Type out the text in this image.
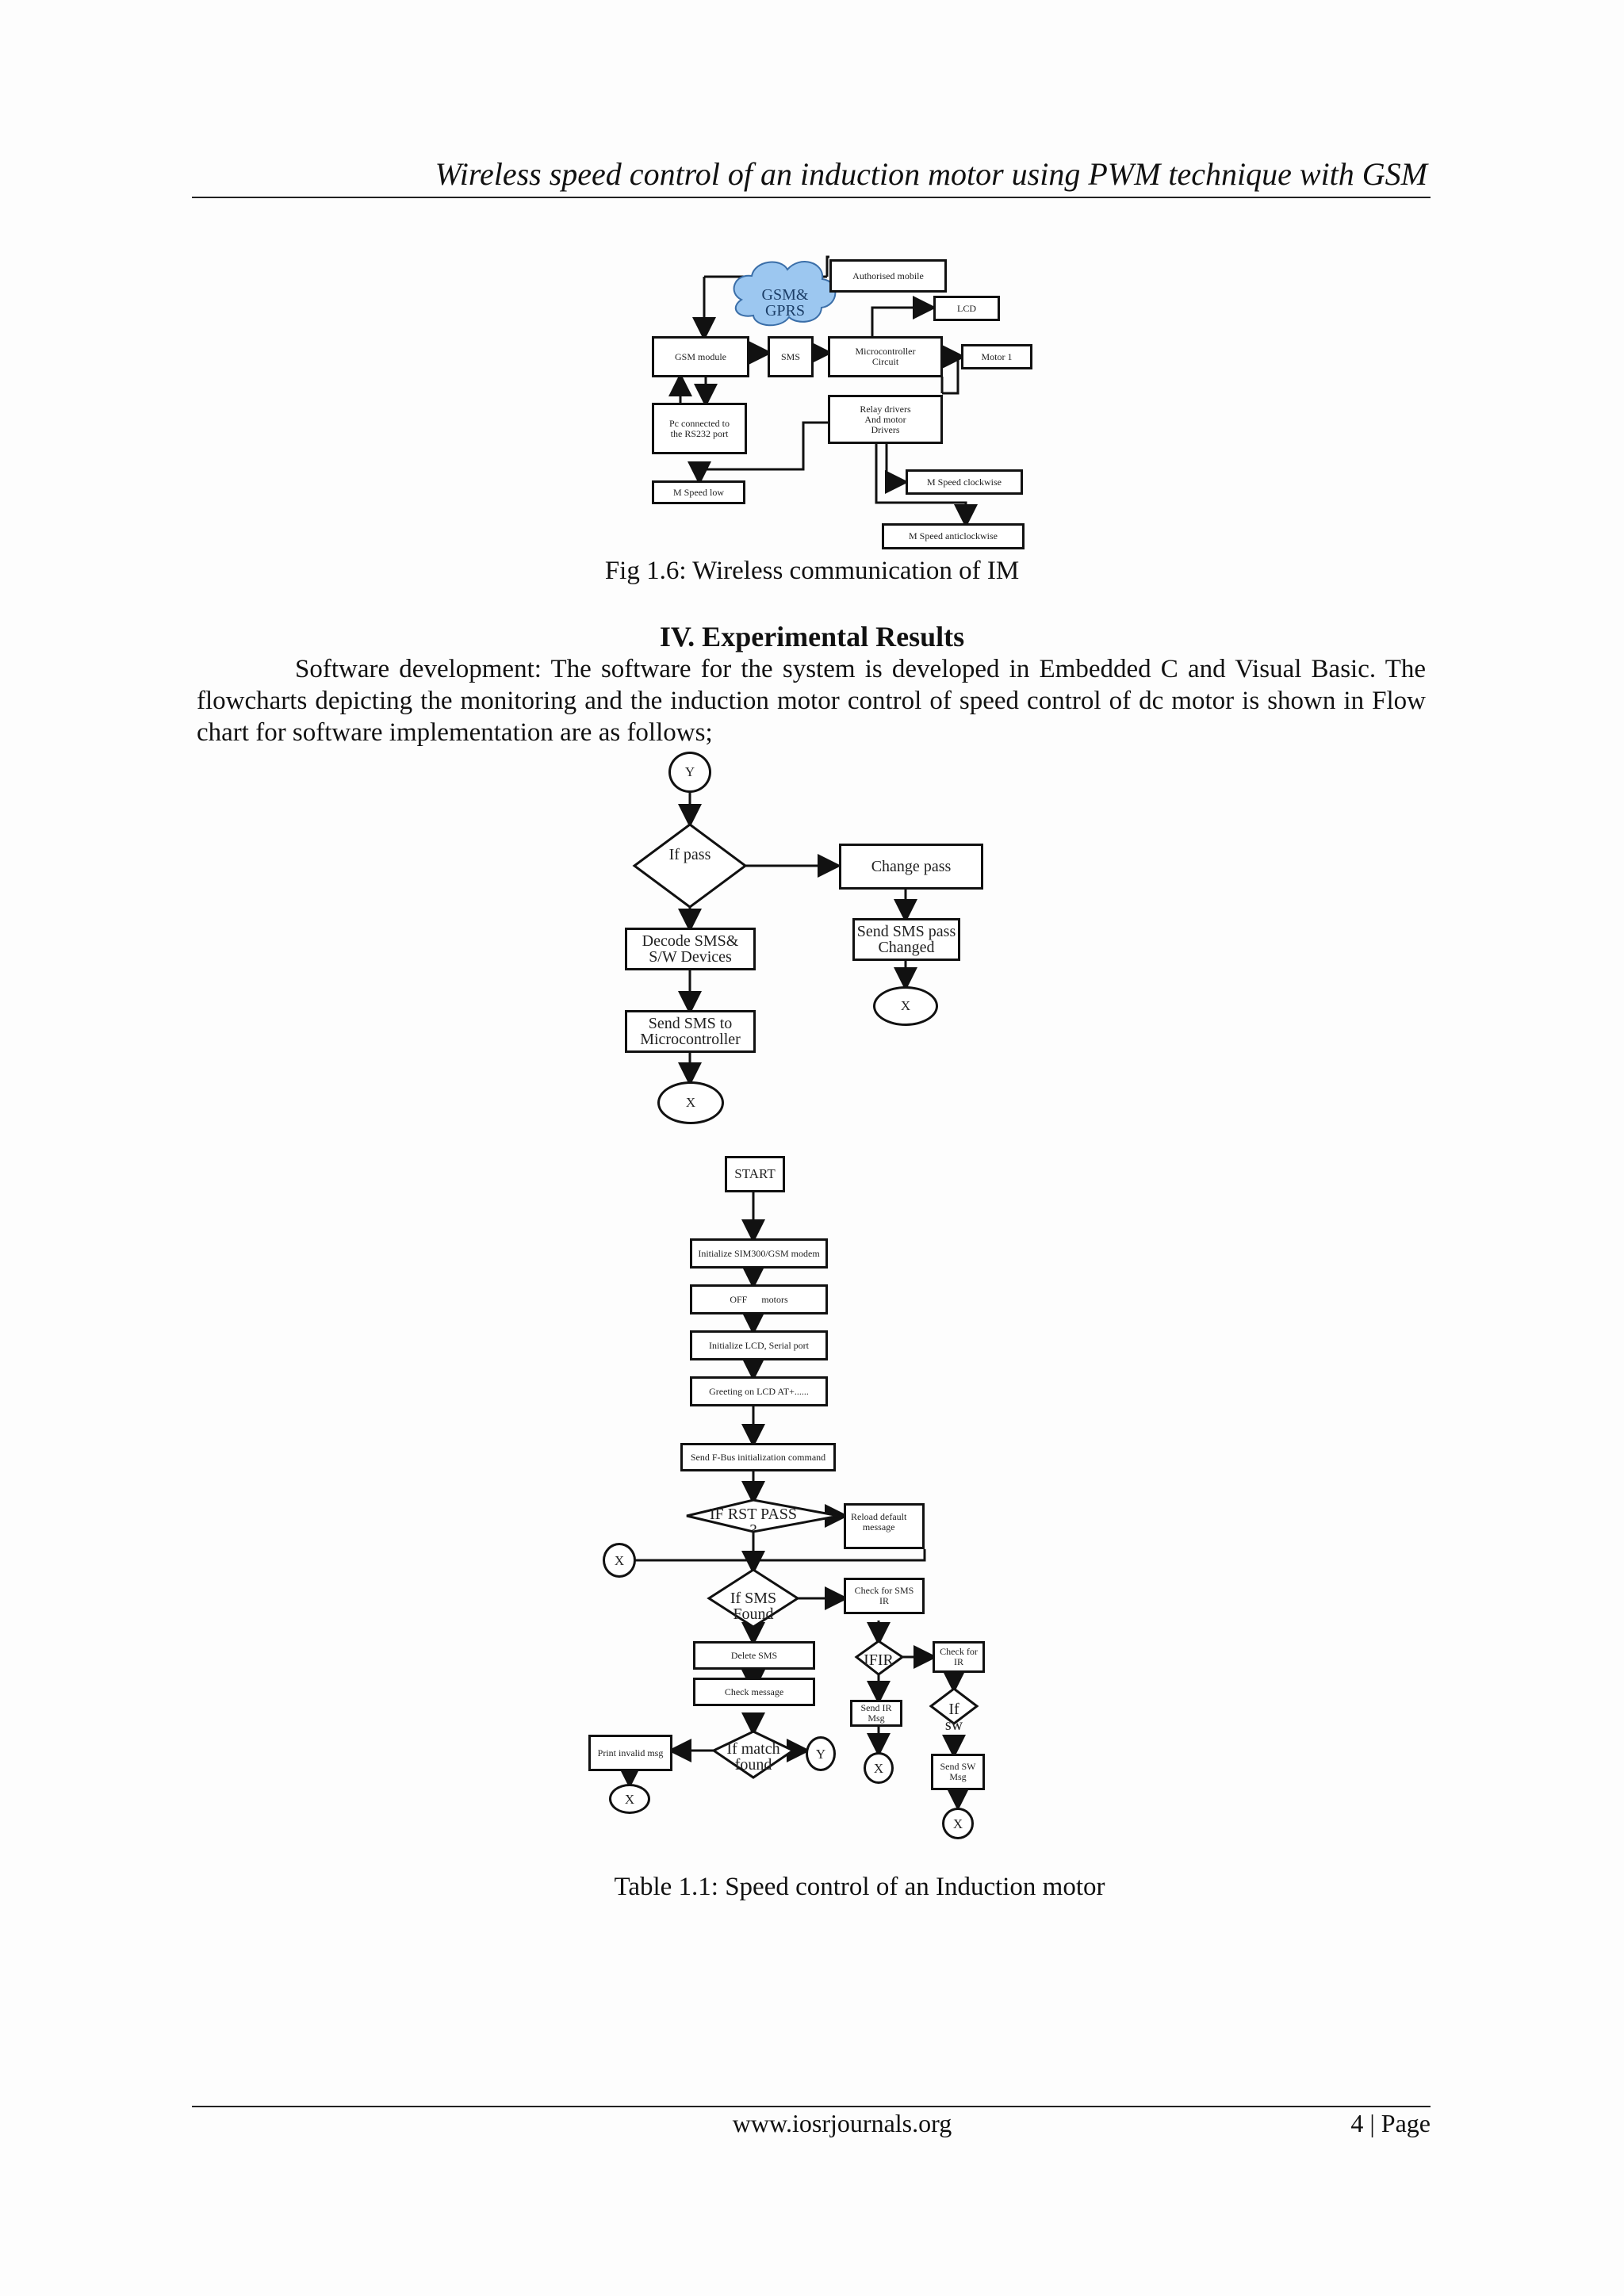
Wireless speed control of an induction motor using PWM technique with GSM
Authorised mobile
GSM&
GPRS	LCD
GSM module	SMS	Microcontroller
Circuit	Motor 1
Pc connected to
the RS232 port
Relay drivers
And motor
Drivers
M Speed low
M Speed clockwise
M Speed anticlockwise
Fig 1.6: Wireless communication of IM
IV. Experimental Results

Software development: The software for the system is developed in Embedded C and Visual Basic. The flowcharts depicting the monitoring and the induction motor control of speed control of dc motor is shown in Flow chart for software implementation are as follows;

Y
If pass
Change pass
Decode SMS&
S/W Devices
Send SMS pass
Changed
X
Send SMS to
Microcontroller
X
START
Initialize SIM300/GSM modem
OFF      motors
Initialize LCD, Serial port
Greeting on LCD AT+......
Send F-Bus initialization command
IF RST PASS
?
Reload default
message
X
If SMS
Found
Check for SMS
IR
Delete SMS	IFIR	Check for
IR
Check message
Send IR
Msg	If sw
Print invalid msg	If match
found
Y
X	Send SW
Msg
X
X
Table 1.1: Speed control of an Induction motor
www.iosrjournals.org	4 | Page
